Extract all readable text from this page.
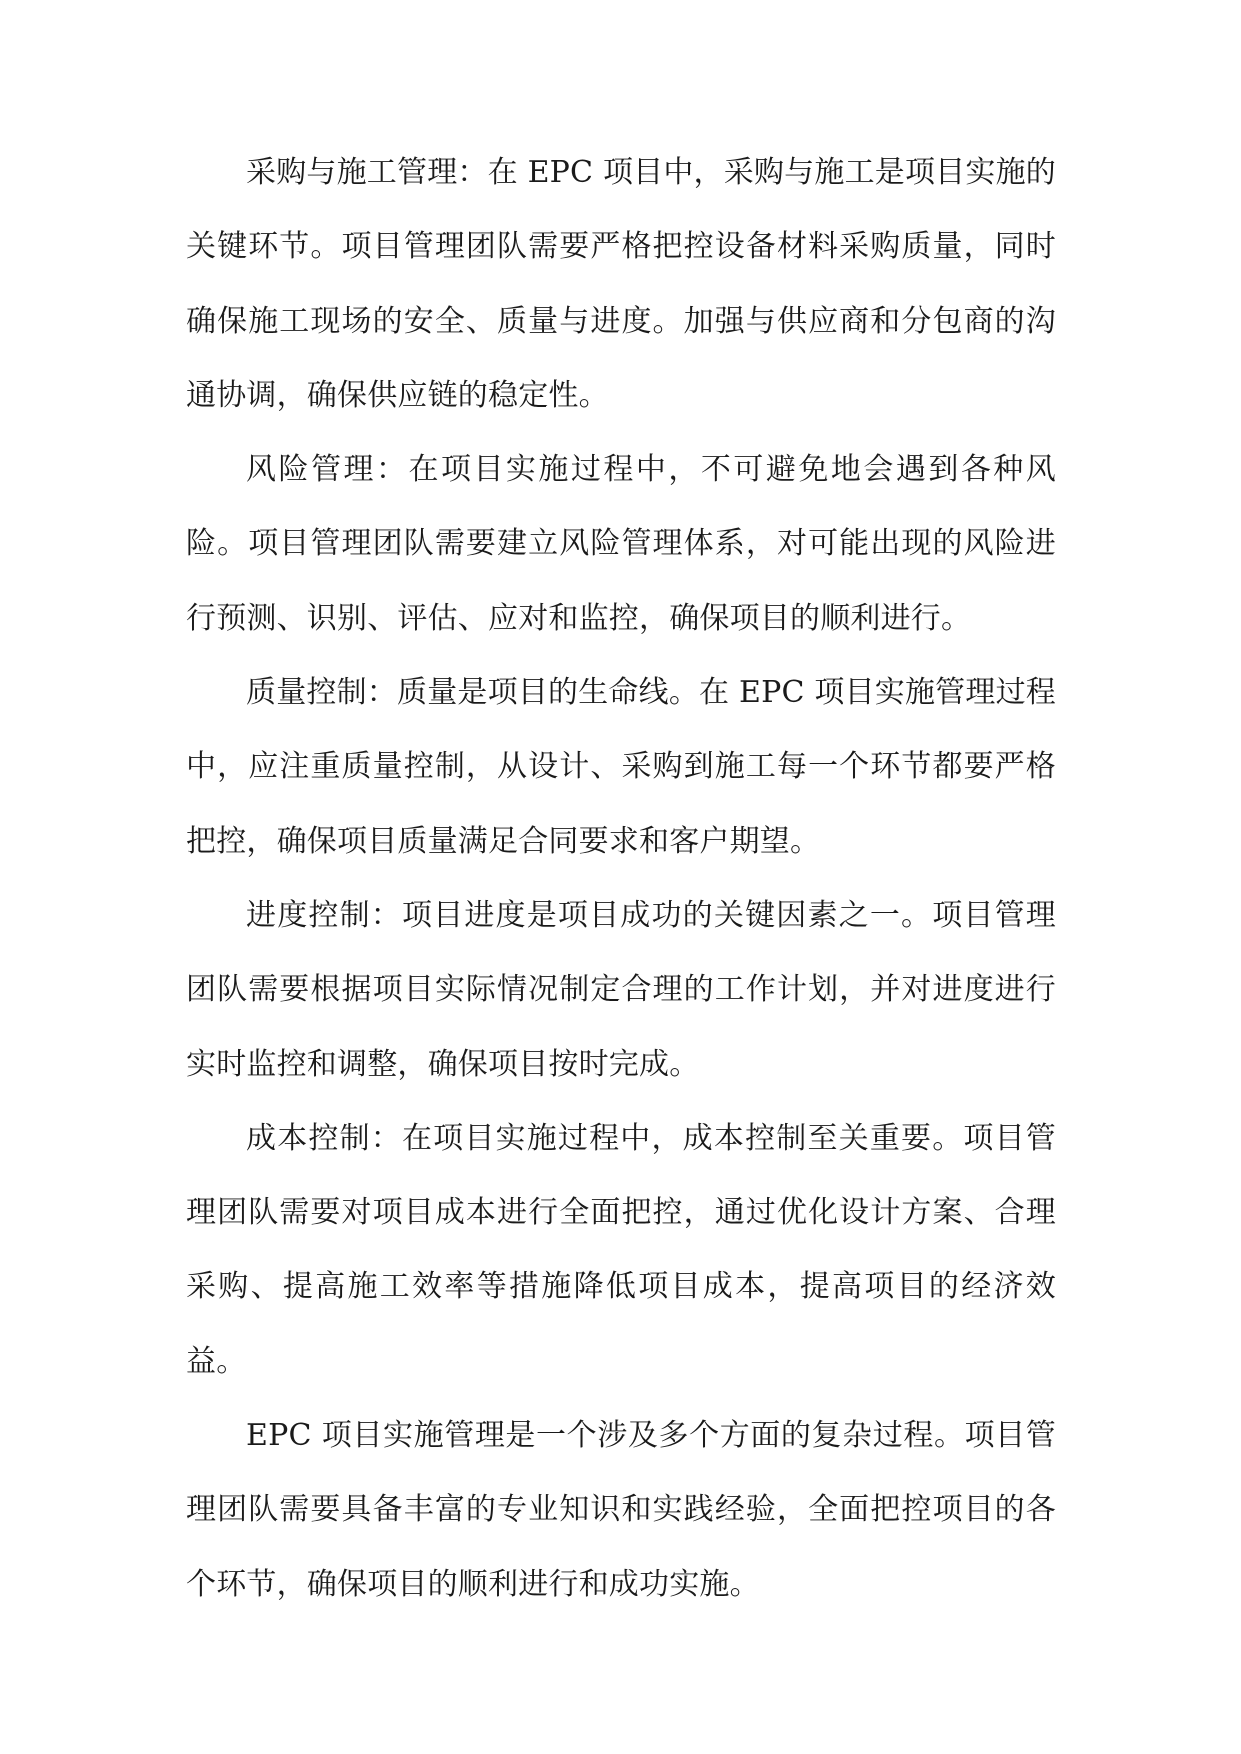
采购与施工管理：在 EPC 项目中，采购与施工是项目实施的关键环节。项目管理团队需要严格把控设备材料采购质量，同时确保施工现场的安全、质量与进度。加强与供应商和分包商的沟通协调，确保供应链的稳定性。

风险管理：在项目实施过程中，不可避免地会遇到各种风险。项目管理团队需要建立风险管理体系，对可能出现的风险进行预测、识别、评估、应对和监控，确保项目的顺利进行。

质量控制：质量是项目的生命线。在 EPC 项目实施管理过程中，应注重质量控制，从设计、采购到施工每一个环节都要严格把控，确保项目质量满足合同要求和客户期望。

进度控制：项目进度是项目成功的关键因素之一。项目管理团队需要根据项目实际情况制定合理的工作计划，并对进度进行实时监控和调整，确保项目按时完成。

成本控制：在项目实施过程中，成本控制至关重要。项目管理团队需要对项目成本进行全面把控，通过优化设计方案、合理采购、提高施工效率等措施降低项目成本，提高项目的经济效益。

EPC 项目实施管理是一个涉及多个方面的复杂过程。项目管理团队需要具备丰富的专业知识和实践经验，全面把控项目的各个环节，确保项目的顺利进行和成功实施。
